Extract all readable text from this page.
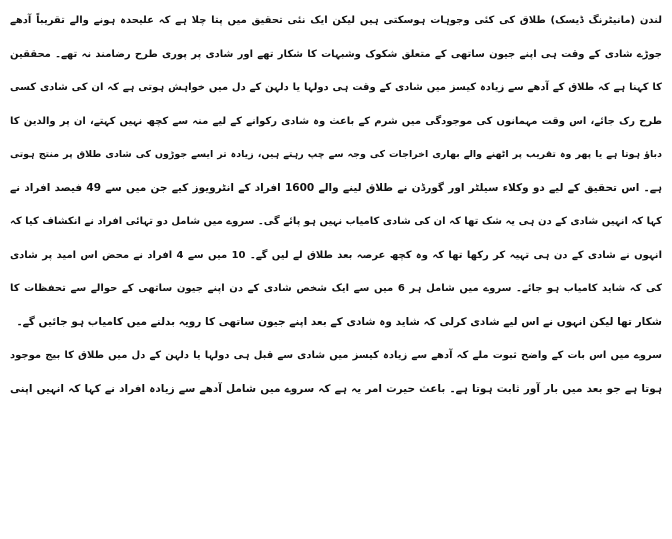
لندن (مانیٹرنگ ڈیسک) طلاق کی کئی وجوہات ہوسکتی ہیں لیکن ایک نئی تحقیق میں پتا چلا ہے کہ علیحدہ ہونے والے تقریباً آدھے
جوڑے شادی کے وقت ہی اپنے جیون ساتھی کے متعلق شکوک وشبہات کا شکار تھے اور شادی پر پوری طرح رضامند نہ تھے۔ محققین
کا کہنا ہے کہ طلاق کے آدھے سے زیادہ کیسز میں شادی کے وقت ہی دولہا یا دلہن کے دل میں خواہش ہوتی ہے کہ ان کی شادی کسی
طرح رک جائے، اس وقت مہمانوں کی موجودگی میں شرم کے باعث وہ شادی رکوانے کے لیے منہ سے کچھ نہیں کہتے، ان پر والدین کا
دباؤ ہوتا ہے یا پھر وہ تقریب پر اٹھنے والے بھاری اخراجات کی وجہ سے چپ رہتے ہیں، زیادہ تر ایسے جوڑوں کی شادی طلاق پر منتج ہوتی
ہے۔ اس تحقیق کے لیے دو وکلاء سیلٹر اور گورڈن نے طلاق لینے والے 1600 افراد کے انٹرویوز کیے جن میں سے 49 فیصد افراد نے
کہا کہ انہیں شادی کے دن ہی یہ شک تھا کہ ان کی شادی کامیاب نہیں ہو پائے گی۔ سروے میں شامل دو تہائی افراد نے انکشاف کیا کہ
انہوں نے شادی کے دن ہی تہیہ کر رکھا تھا کہ وہ کچھ عرصہ بعد طلاق لے لیں گے۔ 10 میں سے 4 افراد نے محض اس امید پر شادی
کی کہ شاید کامیاب ہو جائے۔ سروے میں شامل ہر 6 میں سے ایک شخص شادی کے دن اپنے جیون ساتھی کے حوالے سے تحفظات کا
شکار تھا لیکن انہوں نے اس لیے شادی کرلی کہ شاید وہ شادی کے بعد اپنے جیون ساتھی کا رویہ بدلنے میں کامیاب ہو جائیں گے۔
سروے میں اس بات کے واضح ثبوت ملے کہ آدھے سے زیادہ کیسز میں شادی سے قبل ہی دولہا یا دلہن کے دل میں طلاق کا بیج موجود
ہوتا ہے جو بعد میں بار آور ثابت ہوتا ہے۔ باعث حیرت امر یہ ہے کہ سروے میں شامل آدھے سے زیادہ افراد نے کہا کہ انہیں اپنی
